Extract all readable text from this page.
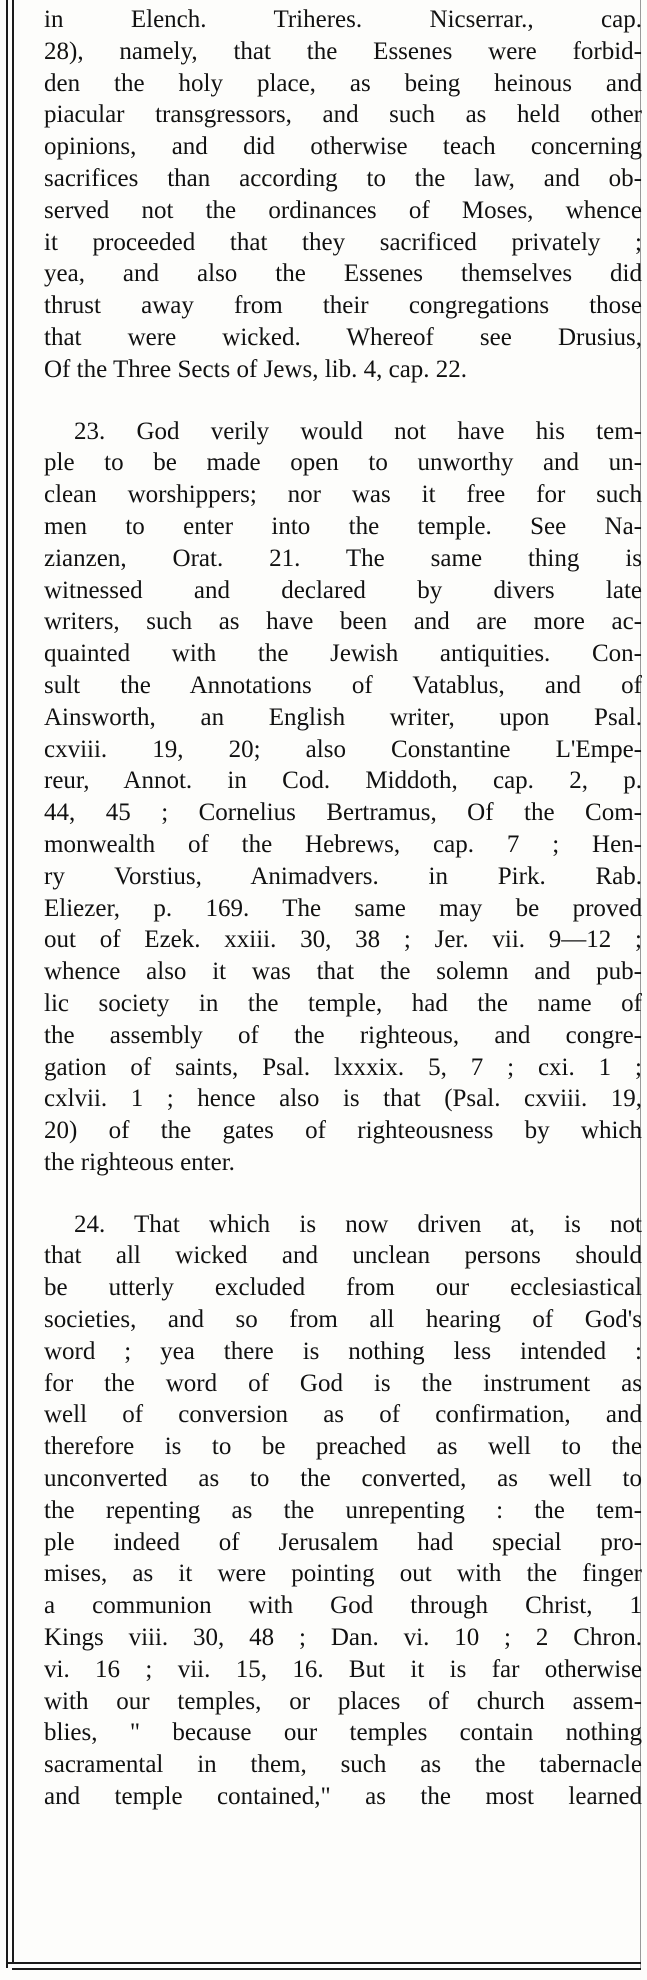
in Elench. Triheres. Nicserrar., cap.

28), namely, that the Essenes were forbid-

den the holy place, as being heinous and

piacular transgressors, and such as held other

opinions, and did otherwise teach concerning

sacrifices than according to the law, and ob-

served not the ordinances of Moses, whence

it proceeded that they sacrificed privately ;

yea, and also the Essenes themselves did

thrust away from their congregations those

that were wicked. Whereof see Drusius,

Of the Three Sects of Jews, lib. 4, cap. 22.

23. God verily would not have his tem-

ple to be made open to unworthy and un-

clean worshippers; nor was it free for such

men to enter into the temple. See Na-

zianzen, Orat. 21. The same thing is

witnessed and declared by divers late

writers, such as have been and are more ac-

quainted with the Jewish antiquities. Con-

sult the Annotations of Vatablus, and of

Ainsworth, an English writer, upon Psal.

cxviii. 19, 20; also Constantine L'Empe-

reur, Annot. in Cod. Middoth, cap. 2, p.

44, 45 ; Cornelius Bertramus, Of the Com-

monwealth of the Hebrews, cap. 7 ; Hen-

ry Vorstius, Animadvers. in Pirk. Rab.

Eliezer, p. 169. The same may be proved

out of Ezek. xxiii. 30, 38 ; Jer. vii. 9—12 ;

whence also it was that the solemn and pub-

lic society in the temple, had the name of

the assembly of the righteous, and congre-

gation of saints, Psal. lxxxix. 5, 7 ; cxi. 1 ;

cxlvii. 1 ; hence also is that (Psal. cxviii. 19,

20) of the gates of righteousness by which

the righteous enter.

24. That which is now driven at, is not

that all wicked and unclean persons should

be utterly excluded from our ecclesiastical

societies, and so from all hearing of God's

word ; yea there is nothing less intended :

for the word of God is the instrument as

well of conversion as of confirmation, and

therefore is to be preached as well to the

unconverted as to the converted, as well to

the repenting as the unrepenting : the tem-

ple indeed of Jerusalem had special pro-

mises, as it were pointing out with the finger

a communion with God through Christ, 1

Kings viii. 30, 48 ; Dan. vi. 10 ; 2 Chron.

vi. 16 ; vii. 15, 16. But it is far otherwise

with our temples, or places of church assem-

blies, " because our temples contain nothing

sacramental in them, such as the tabernacle

and temple contained," as the most learned
